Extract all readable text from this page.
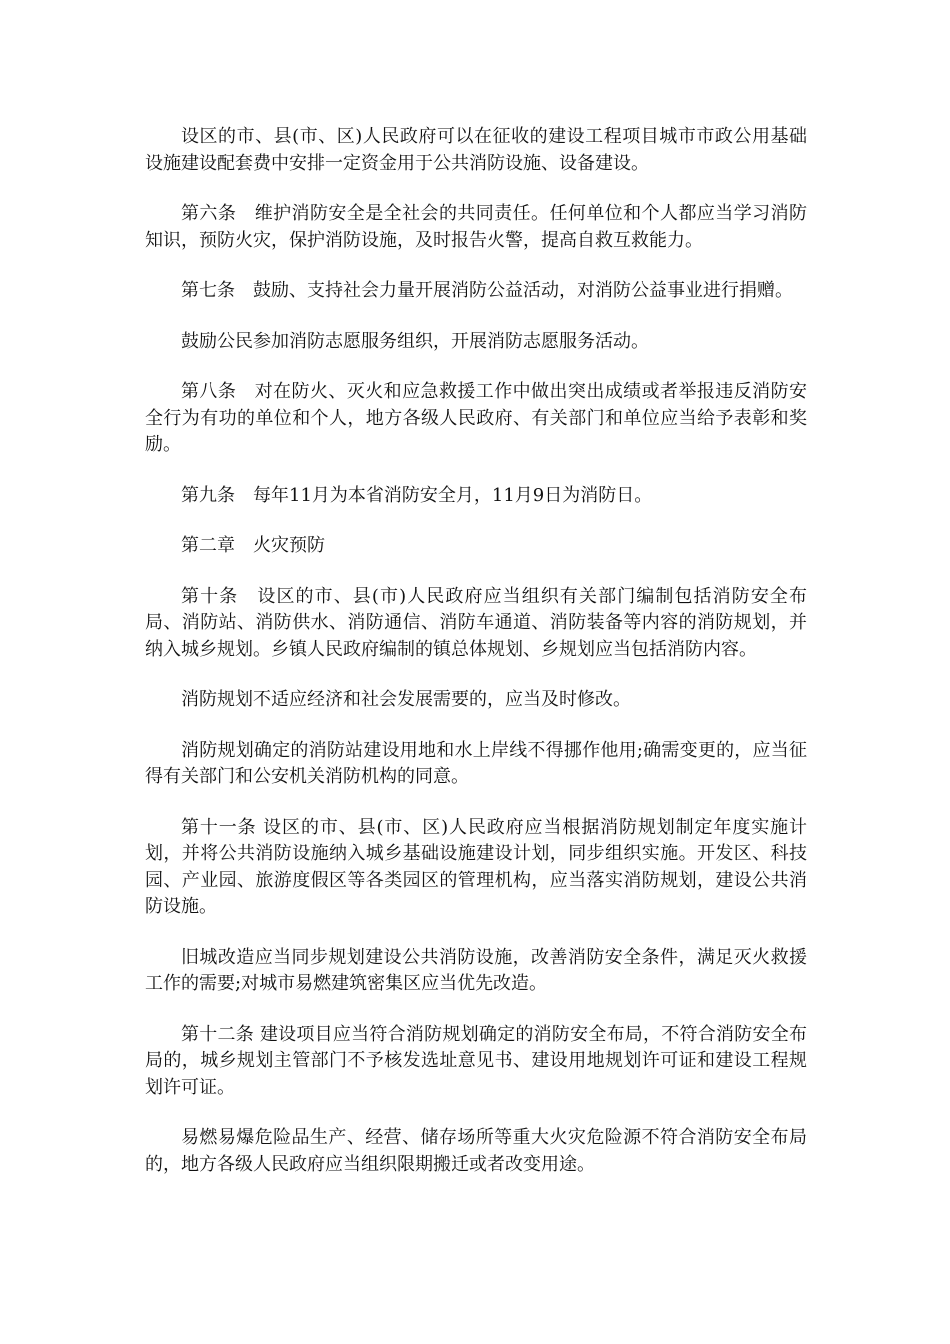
设区的市、县(市、区)人民政府可以在征收的建设工程项目城市市政公用基础设施建设配套费中安排一定资金用于公共消防设施、设备建设。

第六条　维护消防安全是全社会的共同责任。任何单位和个人都应当学习消防知识，预防火灾，保护消防设施，及时报告火警，提高自救互救能力。

第七条　鼓励、支持社会力量开展消防公益活动，对消防公益事业进行捐赠。

鼓励公民参加消防志愿服务组织，开展消防志愿服务活动。

第八条　对在防火、灭火和应急救援工作中做出突出成绩或者举报违反消防安全行为有功的单位和个人，地方各级人民政府、有关部门和单位应当给予表彰和奖励。

第九条　每年11月为本省消防安全月，11月9日为消防日。

第二章　火灾预防

第十条　设区的市、县(市)人民政府应当组织有关部门编制包括消防安全布局、消防站、消防供水、消防通信、消防车通道、消防装备等内容的消防规划，并纳入城乡规划。乡镇人民政府编制的镇总体规划、乡规划应当包括消防内容。

消防规划不适应经济和社会发展需要的，应当及时修改。

消防规划确定的消防站建设用地和水上岸线不得挪作他用;确需变更的，应当征得有关部门和公安机关消防机构的同意。

第十一条 设区的市、县(市、区)人民政府应当根据消防规划制定年度实施计划，并将公共消防设施纳入城乡基础设施建设计划，同步组织实施。开发区、科技园、产业园、旅游度假区等各类园区的管理机构，应当落实消防规划，建设公共消防设施。

旧城改造应当同步规划建设公共消防设施，改善消防安全条件，满足灭火救援工作的需要;对城市易燃建筑密集区应当优先改造。

第十二条 建设项目应当符合消防规划确定的消防安全布局，不符合消防安全布局的，城乡规划主管部门不予核发选址意见书、建设用地规划许可证和建设工程规划许可证。

易燃易爆危险品生产、经营、储存场所等重大火灾危险源不符合消防安全布局的，地方各级人民政府应当组织限期搬迁或者改变用途。
